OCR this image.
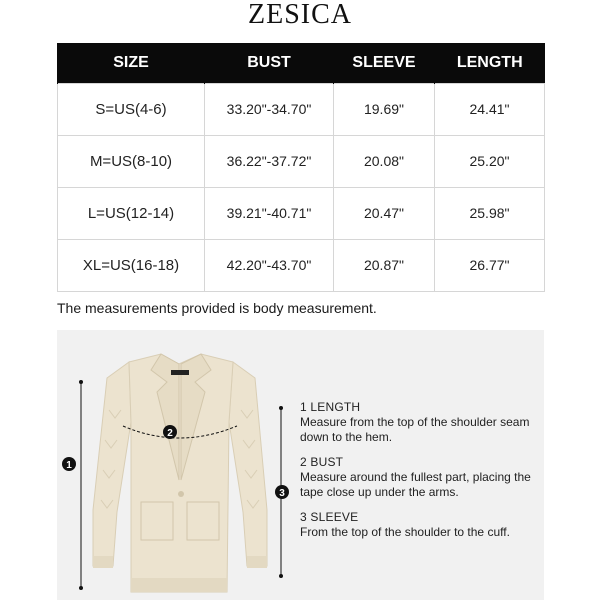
ZESICA
SIZE	BUST	SLEEVE	LENGTH
S=US(4-6)	33.20"-34.70"	19.69"	24.41"
M=US(8-10)	36.22"-37.72"	20.08"	25.20"
L=US(12-14)	39.21"-40.71"	20.47"	25.98"
XL=US(16-18)	42.20"-43.70"	20.87"	26.77"
The measurements provided is body measurement.
1
2
3
1 LENGTH
Measure from the top of the shoulder seam down to the hem.
2 BUST
Measure around the fullest part, placing the tape close up under the arms.
3 SLEEVE
From the top of the shoulder to the cuff.
